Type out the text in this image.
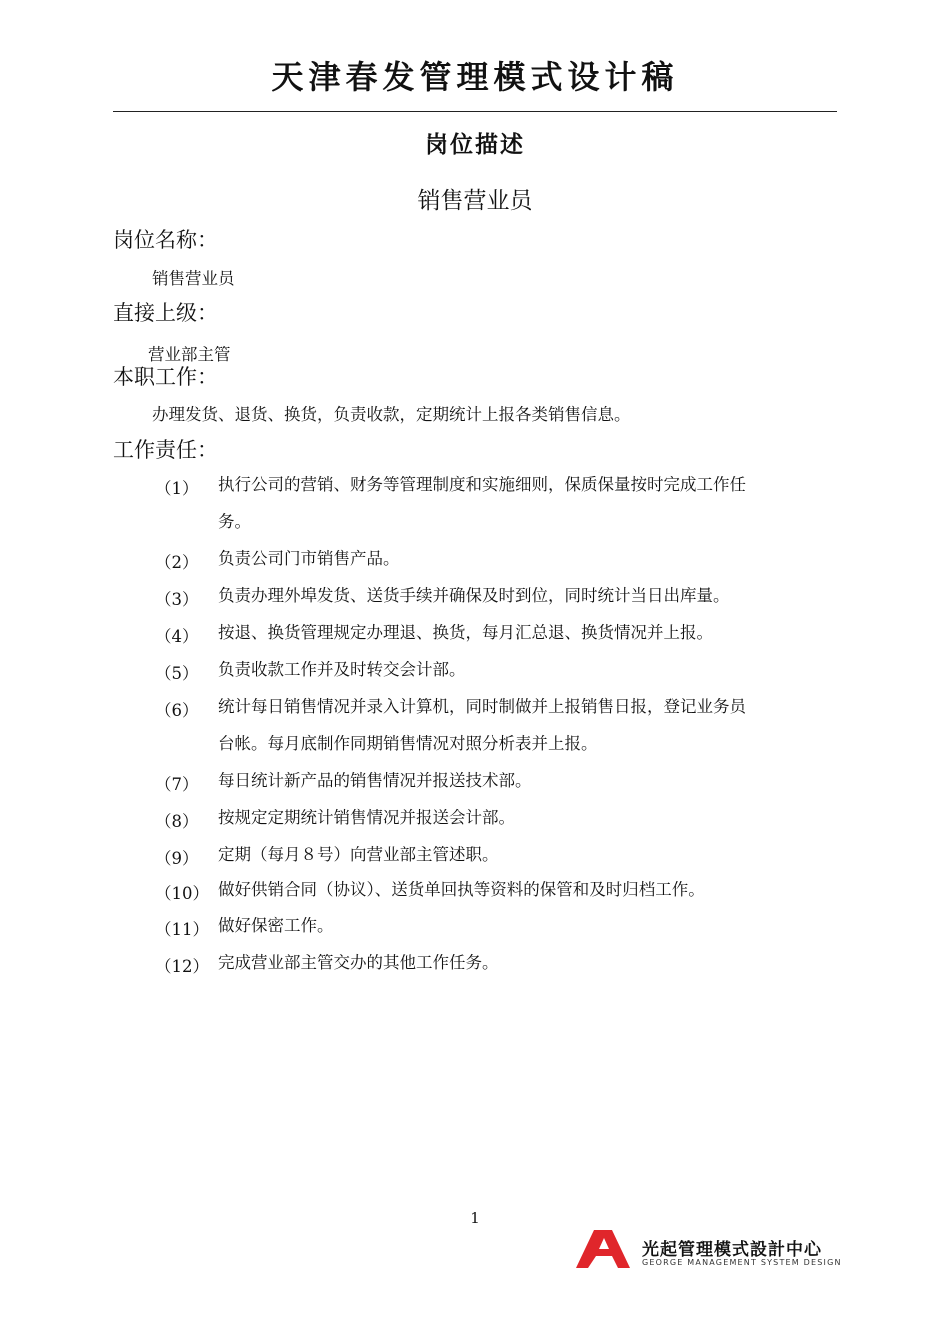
天津春发管理模式设计稿
岗位描述
销售营业员
岗位名称：
销售营业员
直接上级：
营业部主管
本职工作：
办理发货、退货、换货，负责收款，定期统计上报各类销售信息。
工作责任：
（1）	执行公司的营销、财务等管理制度和实施细则，保质保量按时完成工作任
务。
（2）	负责公司门市销售产品。
（3）	负责办理外埠发货、送货手续并确保及时到位，同时统计当日出库量。
（4）	按退、换货管理规定办理退、换货，每月汇总退、换货情况并上报。
（5）	负责收款工作并及时转交会计部。
（6）	统计每日销售情况并录入计算机，同时制做并上报销售日报，登记业务员
台帐。每月底制作同期销售情况对照分析表并上报。
（7）	每日统计新产品的销售情况并报送技术部。
（8）	按规定定期统计销售情况并报送会计部。
（9）	定期（每月８号）向营业部主管述职。
（10） 做好供销合同（协议）、送货单回执等资料的保管和及时归档工作。
（11） 做好保密工作。
（12） 完成营业部主管交办的其他工作任务。
1
光起管理模式設計中心
GEORGE MANAGEMENT SYSTEM DESIGN
